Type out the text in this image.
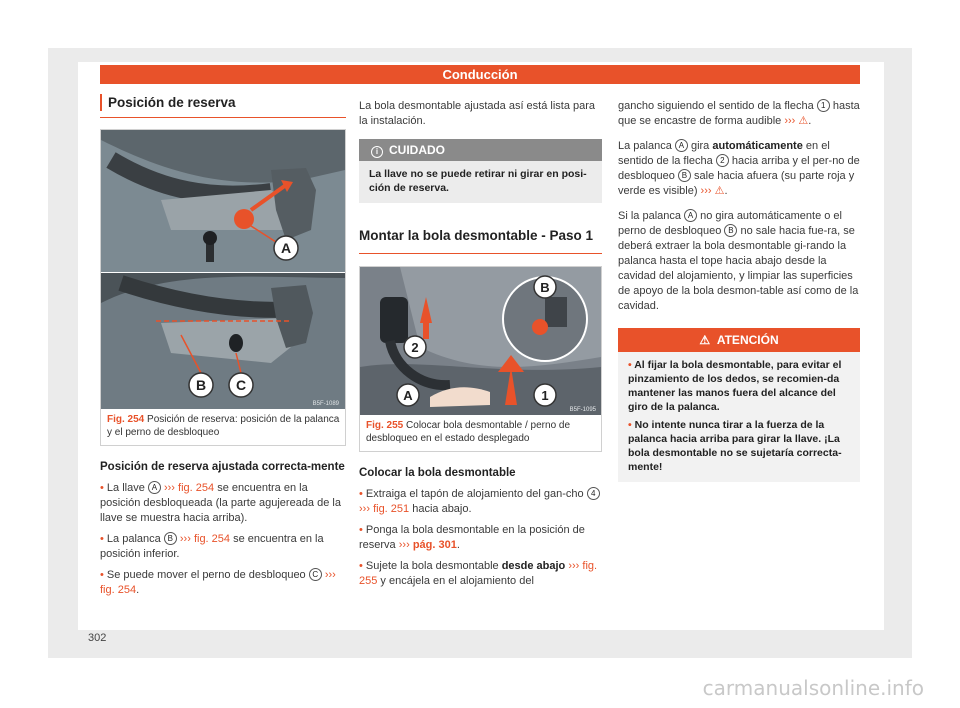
Conducción
Posición de reserva
A
B C
B5F-1089
Fig. 254 Posición de reserva: posición de la palanca y el perno de desbloqueo

Posición de reserva ajustada correcta-mente

• La llave A ››› fig. 254 se encuentra en la posición desbloqueada (la parte agujereada de la llave se muestra hacia arriba).

• La palanca B ››› fig. 254 se encuentra en la posición inferior.

• Se puede mover el perno de desbloqueo C ››› fig. 254.

La bola desmontable ajustada así está lista para la instalación.

i CUIDADO
La llave no se puede retirar ni girar en posi-ción de reserva.
Montar la bola desmontable - Paso 1
2
B
A	1
B5F-1095
Fig. 255 Colocar bola desmontable / perno de desbloqueo en el estado desplegado

Colocar la bola desmontable

• Extraiga el tapón de alojamiento del gan-cho 4 ››› fig. 251 hacia abajo.

• Ponga la bola desmontable en la posición de reserva ››› pág. 301.

• Sujete la bola desmontable desde abajo ››› fig. 255 y encájela en el alojamiento del

gancho siguiendo el sentido de la flecha 1 hasta que se encastre de forma audible ››› ⚠.

La palanca A gira automáticamente en el sentido de la flecha 2 hacia arriba y el per-no de desbloqueo B sale hacia afuera (su parte roja y verde es visible) ››› ⚠.

Si la palanca A no gira automáticamente o el perno de desbloqueo B no sale hacia fue-ra, se deberá extraer la bola desmontable gi-rando la palanca hasta el tope hacia abajo desde la cavidad del alojamiento, y limpiar las superficies de apoyo de la bola desmon-table así como de la cavidad.

⚠ ATENCIÓN
• Al fijar la bola desmontable, para evitar el pinzamiento de los dedos, se recomien-da mantener las manos fuera del alcance del giro de la palanca.
• No intente nunca tirar a la fuerza de la palanca hacia arriba para girar la llave. ¡La bola desmontable no se sujetaría correcta-mente!
302
carmanualsonline.info
